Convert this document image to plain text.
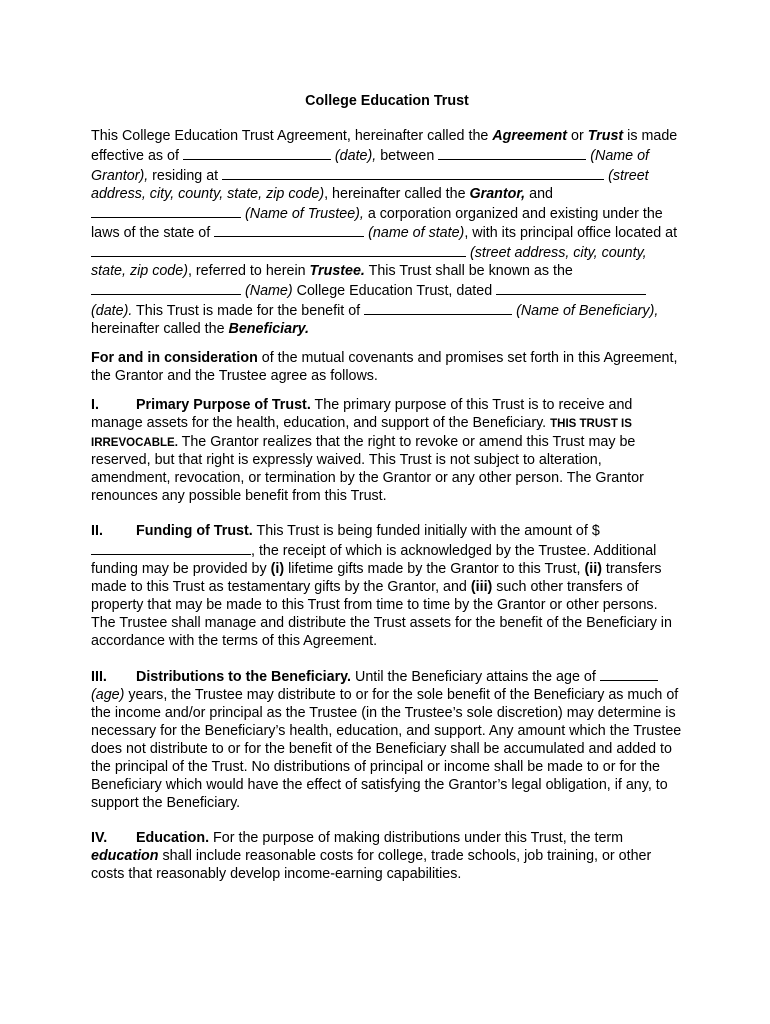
College Education Trust

This College Education Trust Agreement, hereinafter called the Agreement or Trust is made effective as of	(date), between	(Name of Grantor), residing at	(street address, city, county, state, zip code), hereinafter called the Grantor, and  (Name of Trustee), a corporation organized and existing under the laws of the state of	(name of state), with its principal office located at  (street address, city, county, state, zip code), referred to herein Trustee. This Trust shall be known as the  (Name) College Education Trust, dated  (date). This Trust is made for the benefit of	(Name of Beneficiary), hereinafter called the Beneficiary.

For and in consideration of the mutual covenants and promises set forth in this Agreement, the Grantor and the Trustee agree as follows.

I.	Primary Purpose of Trust. The primary purpose of this Trust is to receive and manage assets for the health, education, and support of the Beneficiary. THIS TRUST IS IRREVOCABLE. The Grantor realizes that the right to revoke or amend this Trust may be reserved, but that right is expressly waived. This Trust is not subject to alteration, amendment, revocation, or termination by the Grantor or any other person. The Grantor renounces any possible benefit from this Trust.

II. Funding of Trust. This Trust is being funded initially with the amount of $, the receipt of which is acknowledged by the Trustee. Additional funding may be provided by (i) lifetime gifts made by the Grantor to this Trust, (ii) transfers made to this Trust as testamentary gifts by the Grantor, and (iii) such other transfers of property that may be made to this Trust from time to time by the Grantor or other persons. The Trustee shall manage and distribute the Trust assets for the benefit of the Beneficiary in accordance with the terms of this Agreement.

III. Distributions to the Beneficiary. Until the Beneficiary attains the age of  (age) years, the Trustee may distribute to or for the sole benefit of the Beneficiary as much of the income and/or principal as the Trustee (in the Trustee’s sole discretion) may determine is necessary for the Beneficiary’s health, education, and support. Any amount which the Trustee does not distribute to or for the benefit of the Beneficiary shall be accumulated and added to the principal of the Trust. No distributions of principal or income shall be made to or for the Beneficiary which would have the effect of satisfying the Grantor’s legal obligation, if any, to support the Beneficiary.

IV. Education. For the purpose of making distributions under this Trust, the term education shall include reasonable costs for college, trade schools, job training, or other costs that reasonably develop income-earning capabilities.
